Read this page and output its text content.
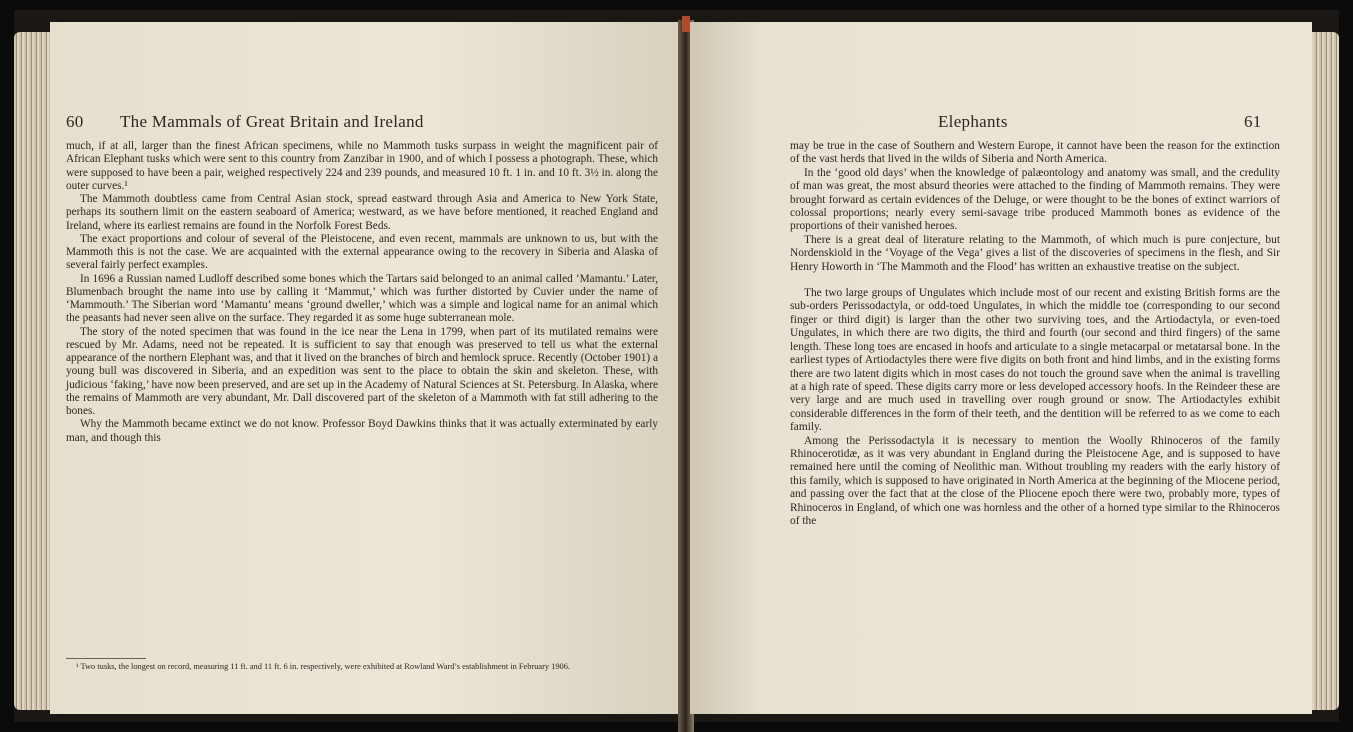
60 The Mammals of Great Britain and Ireland

much, if at all, larger than the finest African specimens, while no Mammoth tusks surpass in weight the magnificent pair of African Elephant tusks which were sent to this country from Zanzibar in 1900, and of which I possess a photograph. These, which were supposed to have been a pair, weighed respectively 224 and 239 pounds, and measured 10 ft. 1 in. and 10 ft. 3½ in. along the outer curves.¹

The Mammoth doubtless came from Central Asian stock, spread eastward through Asia and America to New York State, perhaps its southern limit on the eastern seaboard of America; westward, as we have before mentioned, it reached England and Ireland, where its earliest remains are found in the Norfolk Forest Beds.

The exact proportions and colour of several of the Pleistocene, and even recent, mammals are unknown to us, but with the Mammoth this is not the case. We are acquainted with the external appearance owing to the recovery in Siberia and Alaska of several fairly perfect examples.

In 1696 a Russian named Ludloff described some bones which the Tartars said belonged to an animal called ‘Mamantu.’ Later, Blumenbach brought the name into use by calling it ‘Mammut,’ which was further distorted by Cuvier under the name of ‘Mammouth.’ The Siberian word ‘Mamantu’ means ‘ground dweller,’ which was a simple and logical name for an animal which the peasants had never seen alive on the surface. They regarded it as some huge subterranean mole.

The story of the noted specimen that was found in the ice near the Lena in 1799, when part of its mutilated remains were rescued by Mr. Adams, need not be repeated. It is sufficient to say that enough was preserved to tell us what the external appearance of the northern Elephant was, and that it lived on the branches of birch and hemlock spruce. Recently (October 1901) a young bull was discovered in Siberia, and an expedition was sent to the place to obtain the skin and skeleton. These, with judicious ‘faking,’ have now been preserved, and are set up in the Academy of Natural Sciences at St. Petersburg. In Alaska, where the remains of Mammoth are very abundant, Mr. Dall discovered part of the skeleton of a Mammoth with fat still adhering to the bones.

Why the Mammoth became extinct we do not know. Professor Boyd Dawkins thinks that it was actually exterminated by early man, and though this

¹ Two tusks, the longest on record, measuring 11 ft. and 11 ft. 6 in. respectively, were exhibited at Rowland Ward’s establishment in February 1906.

Elephants	61

may be true in the case of Southern and Western Europe, it cannot have been the reason for the extinction of the vast herds that lived in the wilds of Siberia and North America.

In the ‘good old days’ when the knowledge of palæontology and anatomy was small, and the credulity of man was great, the most absurd theories were attached to the finding of Mammoth remains. They were brought forward as certain evidences of the Deluge, or were thought to be the bones of extinct warriors of colossal proportions; nearly every semi-savage tribe produced Mammoth bones as evidence of the proportions of their vanished heroes.

There is a great deal of literature relating to the Mammoth, of which much is pure conjecture, but Nordenskiold in the ‘Voyage of the Vega’ gives a list of the discoveries of specimens in the flesh, and Sir Henry Howorth in ‘The Mammoth and the Flood’ has written an exhaustive treatise on the subject.

The two large groups of Ungulates which include most of our recent and existing British forms are the sub-orders Perissodactyla, or odd-toed Ungulates, in which the middle toe (corresponding to our second finger or third digit) is larger than the other two surviving toes, and the Artiodactyla, or even-toed Ungulates, in which there are two digits, the third and fourth (our second and third fingers) of the same length. These long toes are encased in hoofs and articulate to a single metacarpal or metatarsal bone. In the earliest types of Artiodactyles there were five digits on both front and hind limbs, and in the existing forms there are two latent digits which in most cases do not touch the ground save when the animal is travelling at a high rate of speed. These digits carry more or less developed accessory hoofs. In the Reindeer these are very large and are much used in travelling over rough ground or snow. The Artiodactyles exhibit considerable differences in the form of their teeth, and the dentition will be referred to as we come to each family.

Among the Perissodactyla it is necessary to mention the Woolly Rhinoceros of the family Rhinocerotidæ, as it was very abundant in England during the Pleistocene Age, and is supposed to have remained here until the coming of Neolithic man. Without troubling my readers with the early history of this family, which is supposed to have originated in North America at the beginning of the Miocene period, and passing over the fact that at the close of the Pliocene epoch there were two, probably more, types of Rhinoceros in England, of which one was hornless and the other of a horned type similar to the Rhinoceros of the
